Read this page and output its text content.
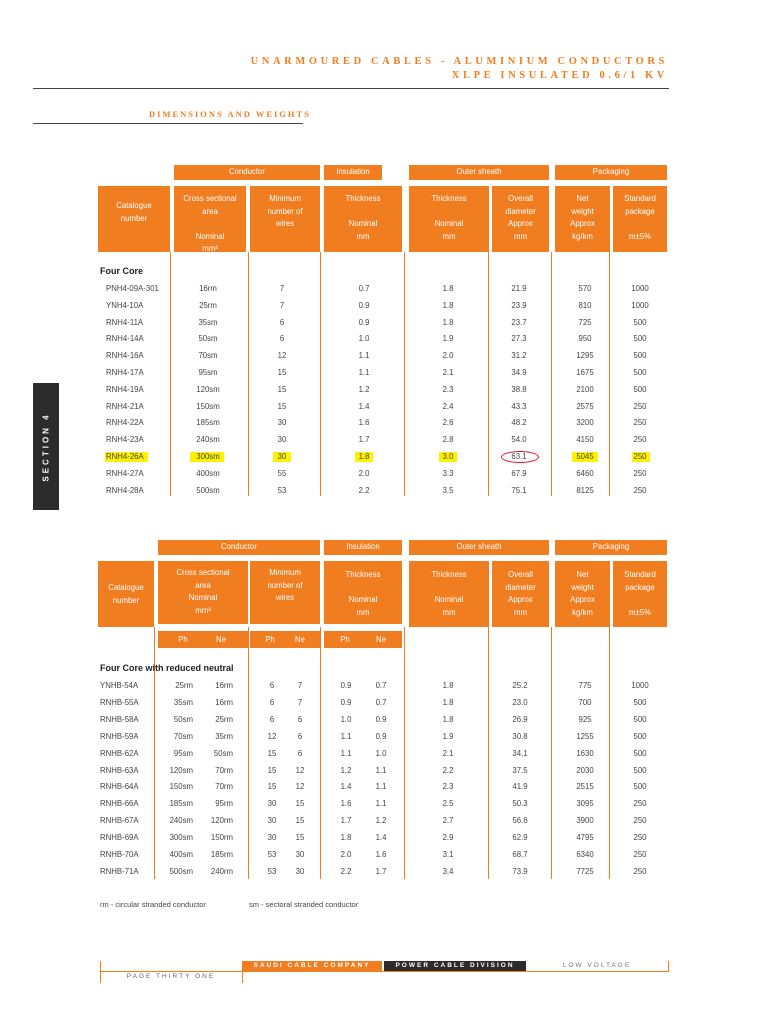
UNARMOURED CABLES - ALUMINIUM CONDUCTORS
XLPE INSULATED 0.6/1 KV
DIMENSIONS AND WEIGHTS
SECTION 4
Conductor	Insulation	Outer sheath	Packaging
Catalogue
number
Cross sectional
area
Nominal
mm²
Minimum
number of
wires
Thickness
Nominal
mm
Thickness
Nominal
mm
Overall
diameter
Approx
mm
Net
weight
Approx
kg/km
Standard
package
m±5%
Four Core
PNH4-09A-301	16rm	7	0.7	1.8	21.9	570	1000
YNH4-10A	25rm	7	0.9	1.8	23.9	810	1000
RNH4-11A	35sm	6	0.9	1.8	23.7	725	500
RNH4-14A	50sm	6	1.0	1.9	27.3	950	500
RNH4-16A	70sm	12	1.1	2.0	31.2	1295	500
RNH4-17A	95sm	15	1.1	2.1	34.9	1675	500
RNH4-19A	120sm	15	1.2	2.3	38.8	2100	500
RNH4-21A	150sm	15	1.4	2.4	43.3	2575	250
RNH4-22A	185sm	30	1.6	2.6	48.2	3200	250
RNH4-23A	240sm	30	1.7	2.8	54.0	4150	250
RNH4-26A	300sm	30	1.8	3.0	63.1	5045	250
RNH4-27A	400sm	55	2.0	3.3	67.9	6460	250
RNH4-28A	500sm	53	2.2	3.5	75.1	8125	250
Conductor	Insulation	Outer sheath	Packaging
Catalogue
number
Cross sectional
area
Nominal
mm²
Minimum
number of
wires
Thickness
Nominal
mm
Thickness
Nominal
mm
Overall
diameter
Approx
mm
Net
weight
Approx
kg/km
Standard
package
m±5%
Ph	Ne	Ph	Ne	Ph	Ne
Four Core with reduced neutral
YNHB-54A	25rm	16rm	6	7	0.9	0.7	1.8	25.2	775	1000
RNHB-55A	35sm	16rm	6	7	0.9	0.7	1.8	23.0	700	500
RNHB-58A	50sm	25rm	6	6	1.0	0.9	1.8	26.9	925	500
RNHB-59A	70sm	35rm	12	6	1.1	0.9	1.9	30.8	1255	500
RNHB-62A	95sm	50sm	15	6	1.1	1.0	2.1	34.1	1630	500
RNHB-63A	120sm	70rm	15 12	1.2	1.1	2.2	37.5	2030	500
RNHB-64A	150sm	70rm	15 12	1.4	1.1	2.3	41.9	2515	500
RNHB-66A	185sm	95rm	30 15	1.6	1.1	2.5	50.3	3095	250
RNHB-67A	240sm 120rm	30 15	1.7	1.2	2.7	56.6	3900	250
RNHB-69A	300sm 150rm	30 15	1.8	1.4	2.9	62.9	4795	250
RNHB-70A	400sm 185rm	53 30	2.0	1.6	3.1	68.7	6340	250
RNHB-71A	500sm 240rm	53 30	2.2	1.7	3.4	73.9	7725	250
rm - circular stranded conductor	sm - sectoral stranded conductor
SAUDI CABLE COMPANY	POWER CABLE DIVISION	LOW VOLTAGE
PAGE THIRTY ONE
